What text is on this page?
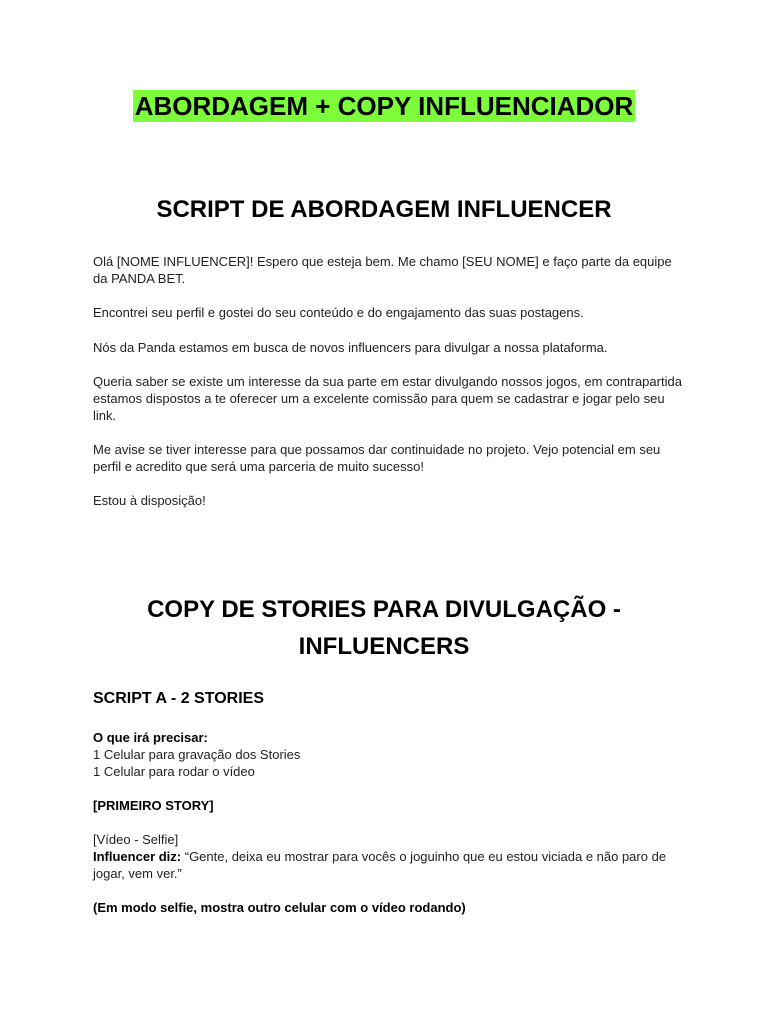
ABORDAGEM + COPY INFLUENCIADOR
SCRIPT DE ABORDAGEM INFLUENCER

Olá [NOME INFLUENCER]! Espero que esteja bem. Me chamo [SEU NOME] e faço parte da equipe da PANDA BET.

Encontrei seu perfil e gostei do seu conteúdo e do engajamento das suas postagens.

Nós da Panda estamos em busca de novos influencers para divulgar a nossa plataforma.

Queria saber se existe um interesse da sua parte em estar divulgando nossos jogos, em contrapartida estamos dispostos a te oferecer um a excelente comissão para quem se cadastrar e jogar pelo seu link.

Me avise se tiver interesse para que possamos dar continuidade no projeto. Vejo potencial em seu perfil e acredito que será uma parceria de muito sucesso!

Estou à disposição!

COPY DE STORIES PARA DIVULGAÇÃO -
INFLUENCERS
SCRIPT A - 2 STORIES

O que irá precisar:

1 Celular para gravação dos Stories

1 Celular para rodar o vídeo

[PRIMEIRO STORY]

[Vídeo - Selfie]

Influencer diz: “Gente, deixa eu mostrar para vocês o joguinho que eu estou viciada e não paro de jogar, vem ver.”

(Em modo selfie, mostra outro celular com o vídeo rodando)
